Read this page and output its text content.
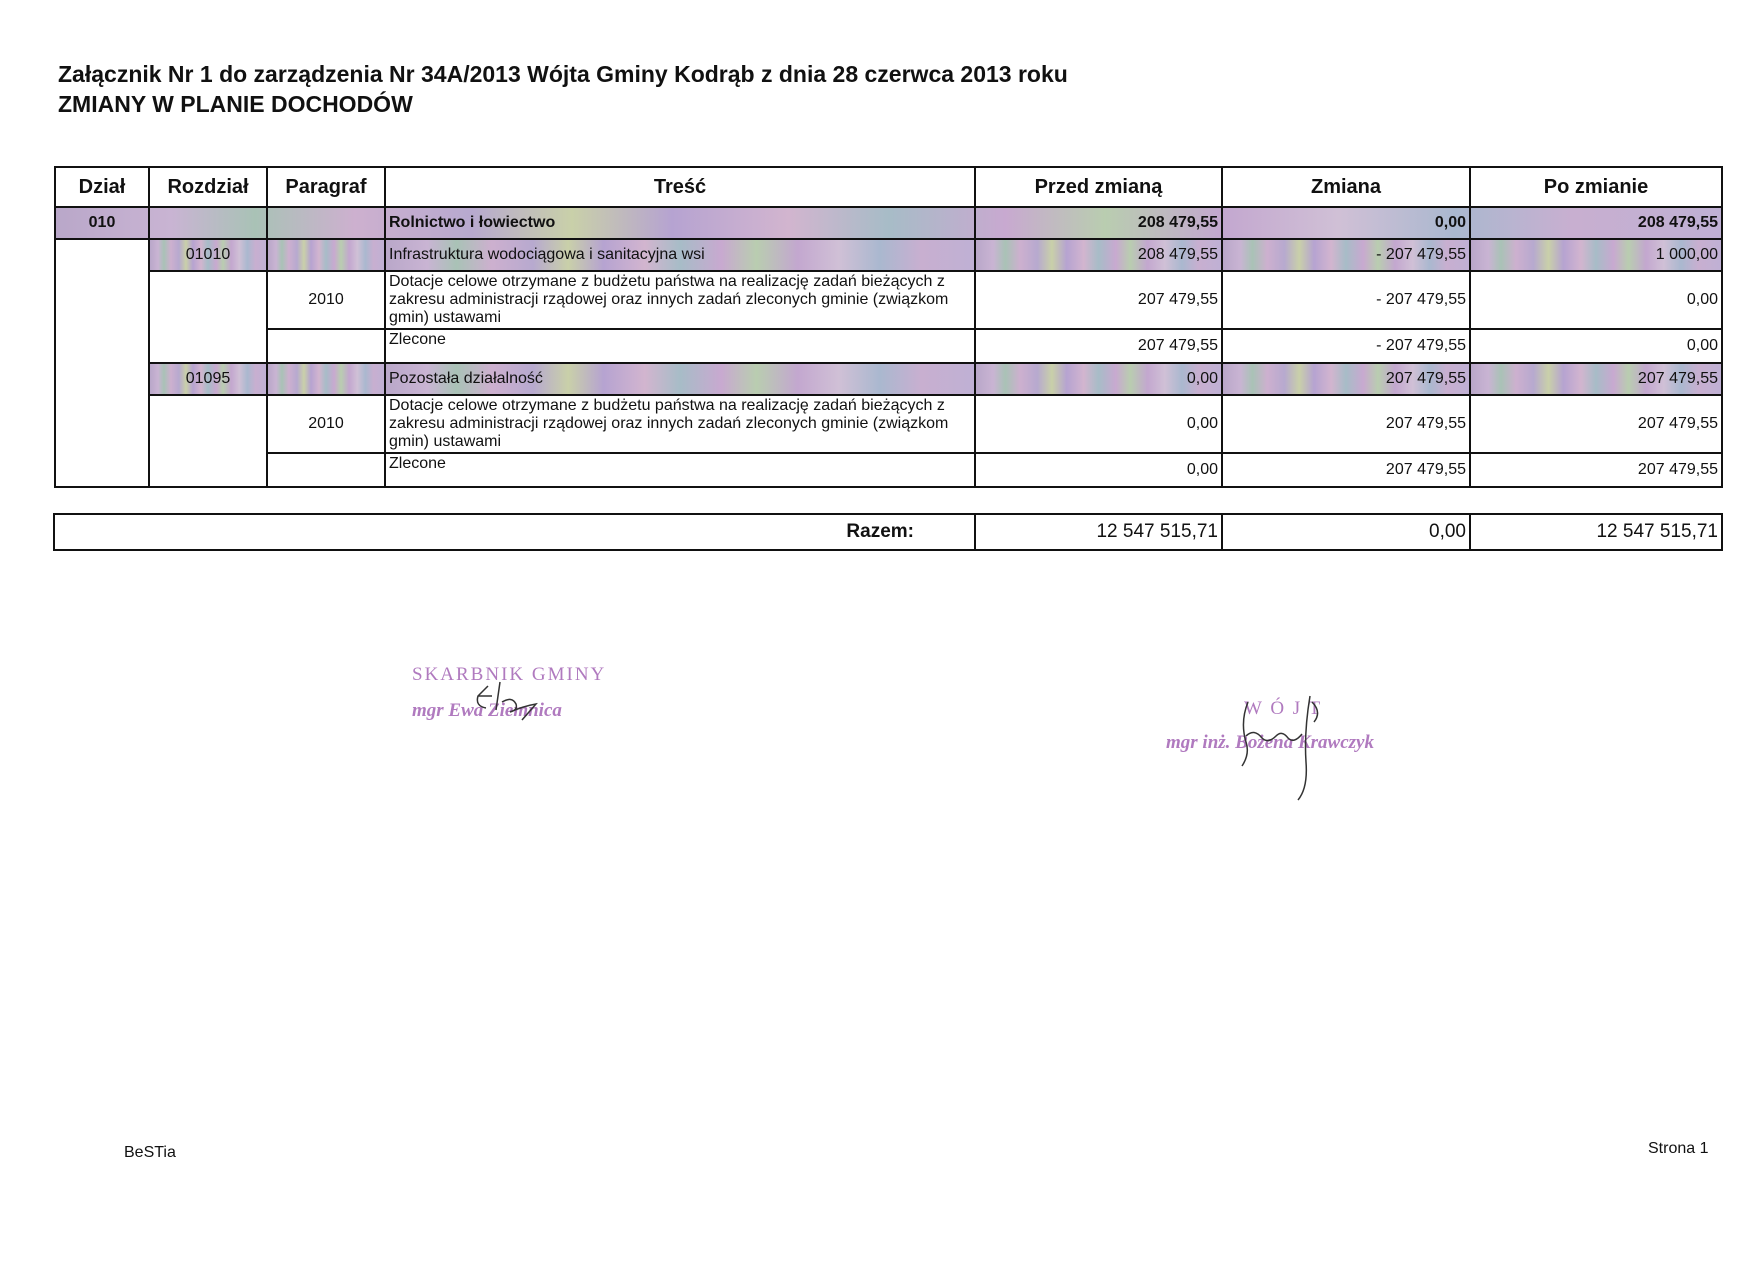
Załącznik Nr 1 do zarządzenia Nr 34A/2013 Wójta Gminy Kodrąb z dnia 28 czerwca 2013 roku
ZMIANY W PLANIE DOCHODÓW
Dział	Rozdział	Paragraf	Treść	Przed zmianą	Zmiana	Po zmianie
010			Rolnictwo i łowiectwo	208 479,55	0,00	208 479,55
	01010		Infrastruktura wodociągowa i sanitacyjna wsi	208 479,55	- 207 479,55	1 000,00
		2010	Dotacje celowe otrzymane z budżetu państwa na realizację zadań bieżących z zakresu administracji rządowej oraz innych zadań zleconych gminie (związkom gmin) ustawami	207 479,55	- 207 479,55	0,00
			Zlecone	207 479,55	- 207 479,55	0,00
	01095		Pozostała działalność	0,00	207 479,55	207 479,55
		2010	Dotacje celowe otrzymane z budżetu państwa na realizację zadań bieżących z zakresu administracji rządowej oraz innych zadań zleconych gminie (związkom gmin) ustawami	0,00	207 479,55	207 479,55
			Zlecone	0,00	207 479,55	207 479,55
Razem:	12 547 515,71	0,00	12 547 515,71
SKARBNIK GMINY
mgr Ewa Ziemnica	W Ó J T
mgr inż. Bożena Krawczyk
BeSTia	Strona 1
